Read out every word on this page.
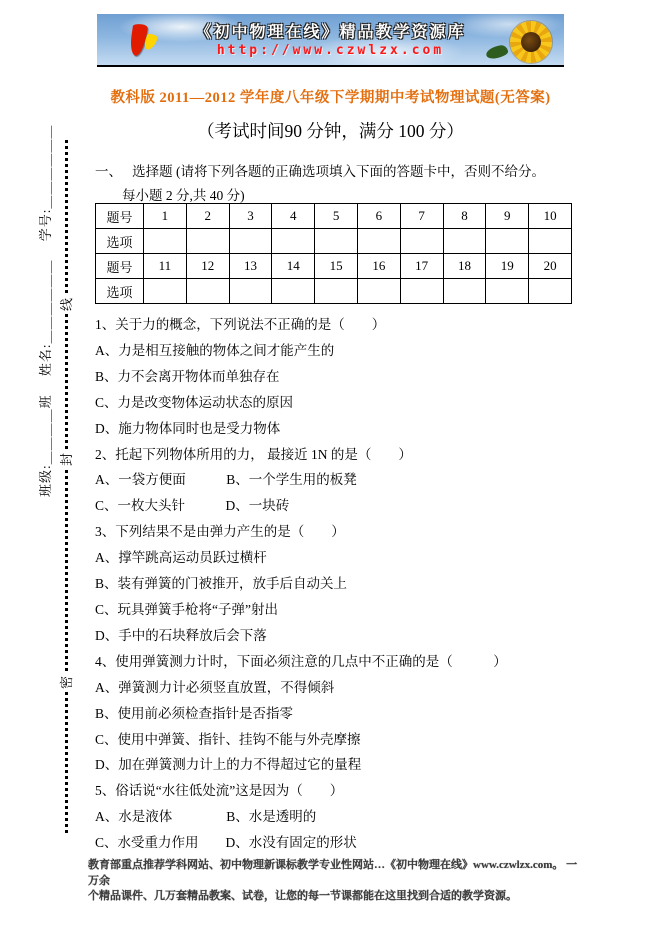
《初中物理在线》精品教学资源库
http://www.czwlzx.com
教科版 2011—2012 学年度八年级下学期期中考试物理试题(无答案)
（考试时间90 分钟，满分 100 分）
一、　 选择题 (请将下列各题的正确选项填入下面的答题卡中，否则不给分。
每小题 2 分,共 40 分)
题号	1	2	3	4	5	6	7	8	9	10
选项										
题号	11	12	13	14	15	16	17	18	19	20
选项										
1、关于力的概念，下列说法不正确的是（　　）
A、力是相互接触的物体之间才能产生的
B、力不会离开物体而单独存在
C、力是改变物体运动状态的原因
D、施力物体同时也是受力物体
2、托起下列物体所用的力， 最接近 1N 的是（　　）
A、一袋方便面　　　B、一个学生用的板凳
C、一枚大头针　　　D、一块砖
3、下列结果不是由弹力产生的是（　　）
A、撑竿跳高运动员跃过横杆
B、装有弹簧的门被推开，放手后自动关上
C、玩具弹簧手枪将“子弹”射出
D、手中的石块释放后会下落
4、使用弹簧测力计时，下面必须注意的几点中不正确的是（　　　）
A、弹簧测力计必须竖直放置，不得倾斜
B、使用前必须检查指针是否指零
C、使用中弹簧、指针、挂钩不能与外壳摩擦
D、加在弹簧测力计上的力不得超过它的量程
5、俗话说“水往低处流”这是因为（　　）
A、水是液体　　　　B、水是透明的
C、水受重力作用　　D、水没有固定的形状
班级:＿＿＿＿班　 姓名:＿＿＿＿＿＿　 学号:＿＿＿＿＿＿ 线
封
密
教育部重点推荐学科网站、初中物理新课标教学专业性网站…《初中物理在线》www.czwlzx.com。 一万余
个精品课件、几万套精品教案、试卷，让您的每一节课都能在这里找到合适的教学资源。
